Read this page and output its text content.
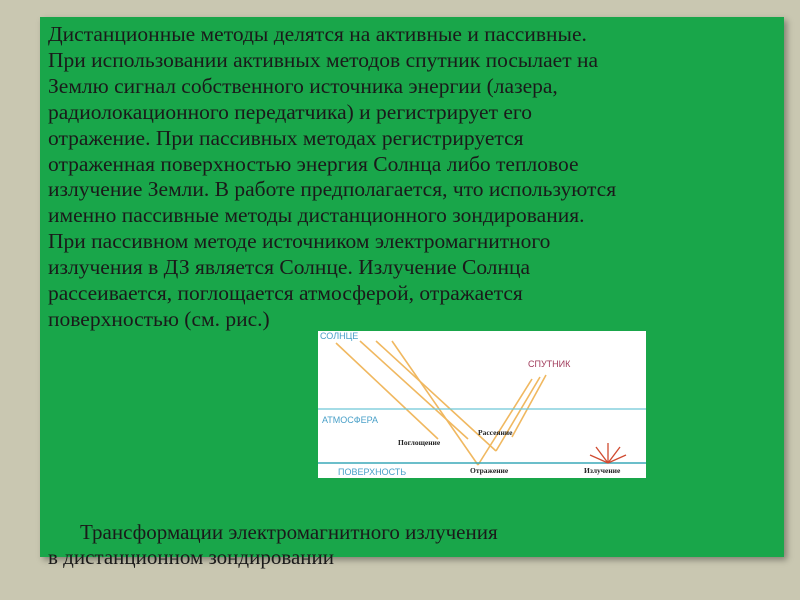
Дистанционные методы делятся на активные и пассивные.
При использовании активных методов спутник посылает на
Землю сигнал собственного источника энергии (лазера,
радиолокационного передатчика) и регистрирует его
отражение. При пассивных методах регистрируется
отраженная поверхностью энергия Солнца либо тепловое
излучение Земли. В работе предполагается, что используются
именно пассивные методы дистанционного зондирования.
При пассивном методе источником электромагнитного
излучения в ДЗ является Солнце. Излучение Солнца
рассеивается, поглощается атмосферой, отражается
поверхностью (см. рис.)
СОЛНЦЕ
СПУТНИК
АТМОСФЕРА
ПОВЕРХНОСТЬ
Рассеяние
Поглощение
Отражение	Излучение
Трансформации электромагнитного излучения
в дистанционном зондировании
